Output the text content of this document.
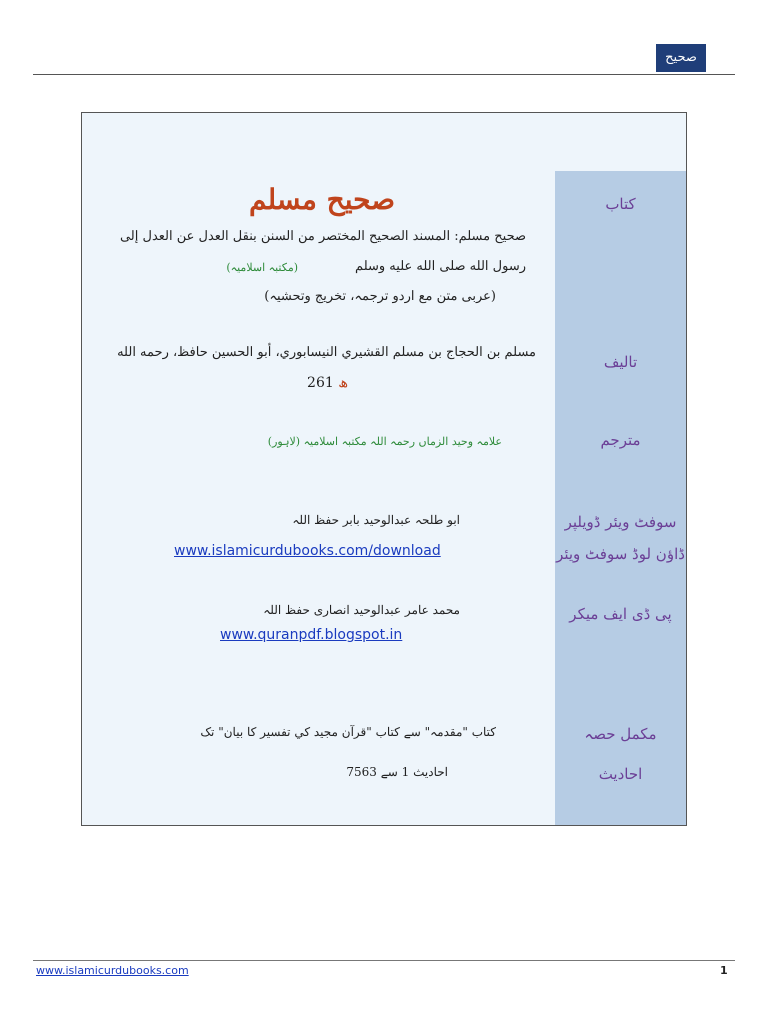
صحیح مسلم
کتاب
تالیف
مترجم
سوفٹ ویئر ڈویلپر
ڈاؤن لوڈ سوفٹ ویئر
پی ڈی ایف میکر
مکمل حصہ
احادیث
صحيح مسلم
صحيح مسلم: المسند الصحيح المختصر من السنن بنقل العدل عن العدل إلى
رسول الله صلى الله عليه وسلم
(مکتبہ اسلامیہ)
(عربی متن مع اردو ترجمہ، تخریج وتحشیہ)
مسلم بن الحجاج بن مسلم القشيري النيسابوري، أبو الحسين حافظ، رحمه الله
ھ 261
علامہ وحید الزماں رحمہ اللہ مکتبہ اسلامیہ (لاہور)
ابو طلحہ عبدالوحید بابر حفظ اللہ
www.islamicurdubooks.com/download
محمد عامر عبدالوحید انصاری حفظ اللہ
www.quranpdf.blogspot.in
کتاب "مقدمہ" سے کتاب "قرآن مجيد كي تفسير كا بيان" تک
احادیث 1 سے 7563
www.islamicurdubooks.com	1
